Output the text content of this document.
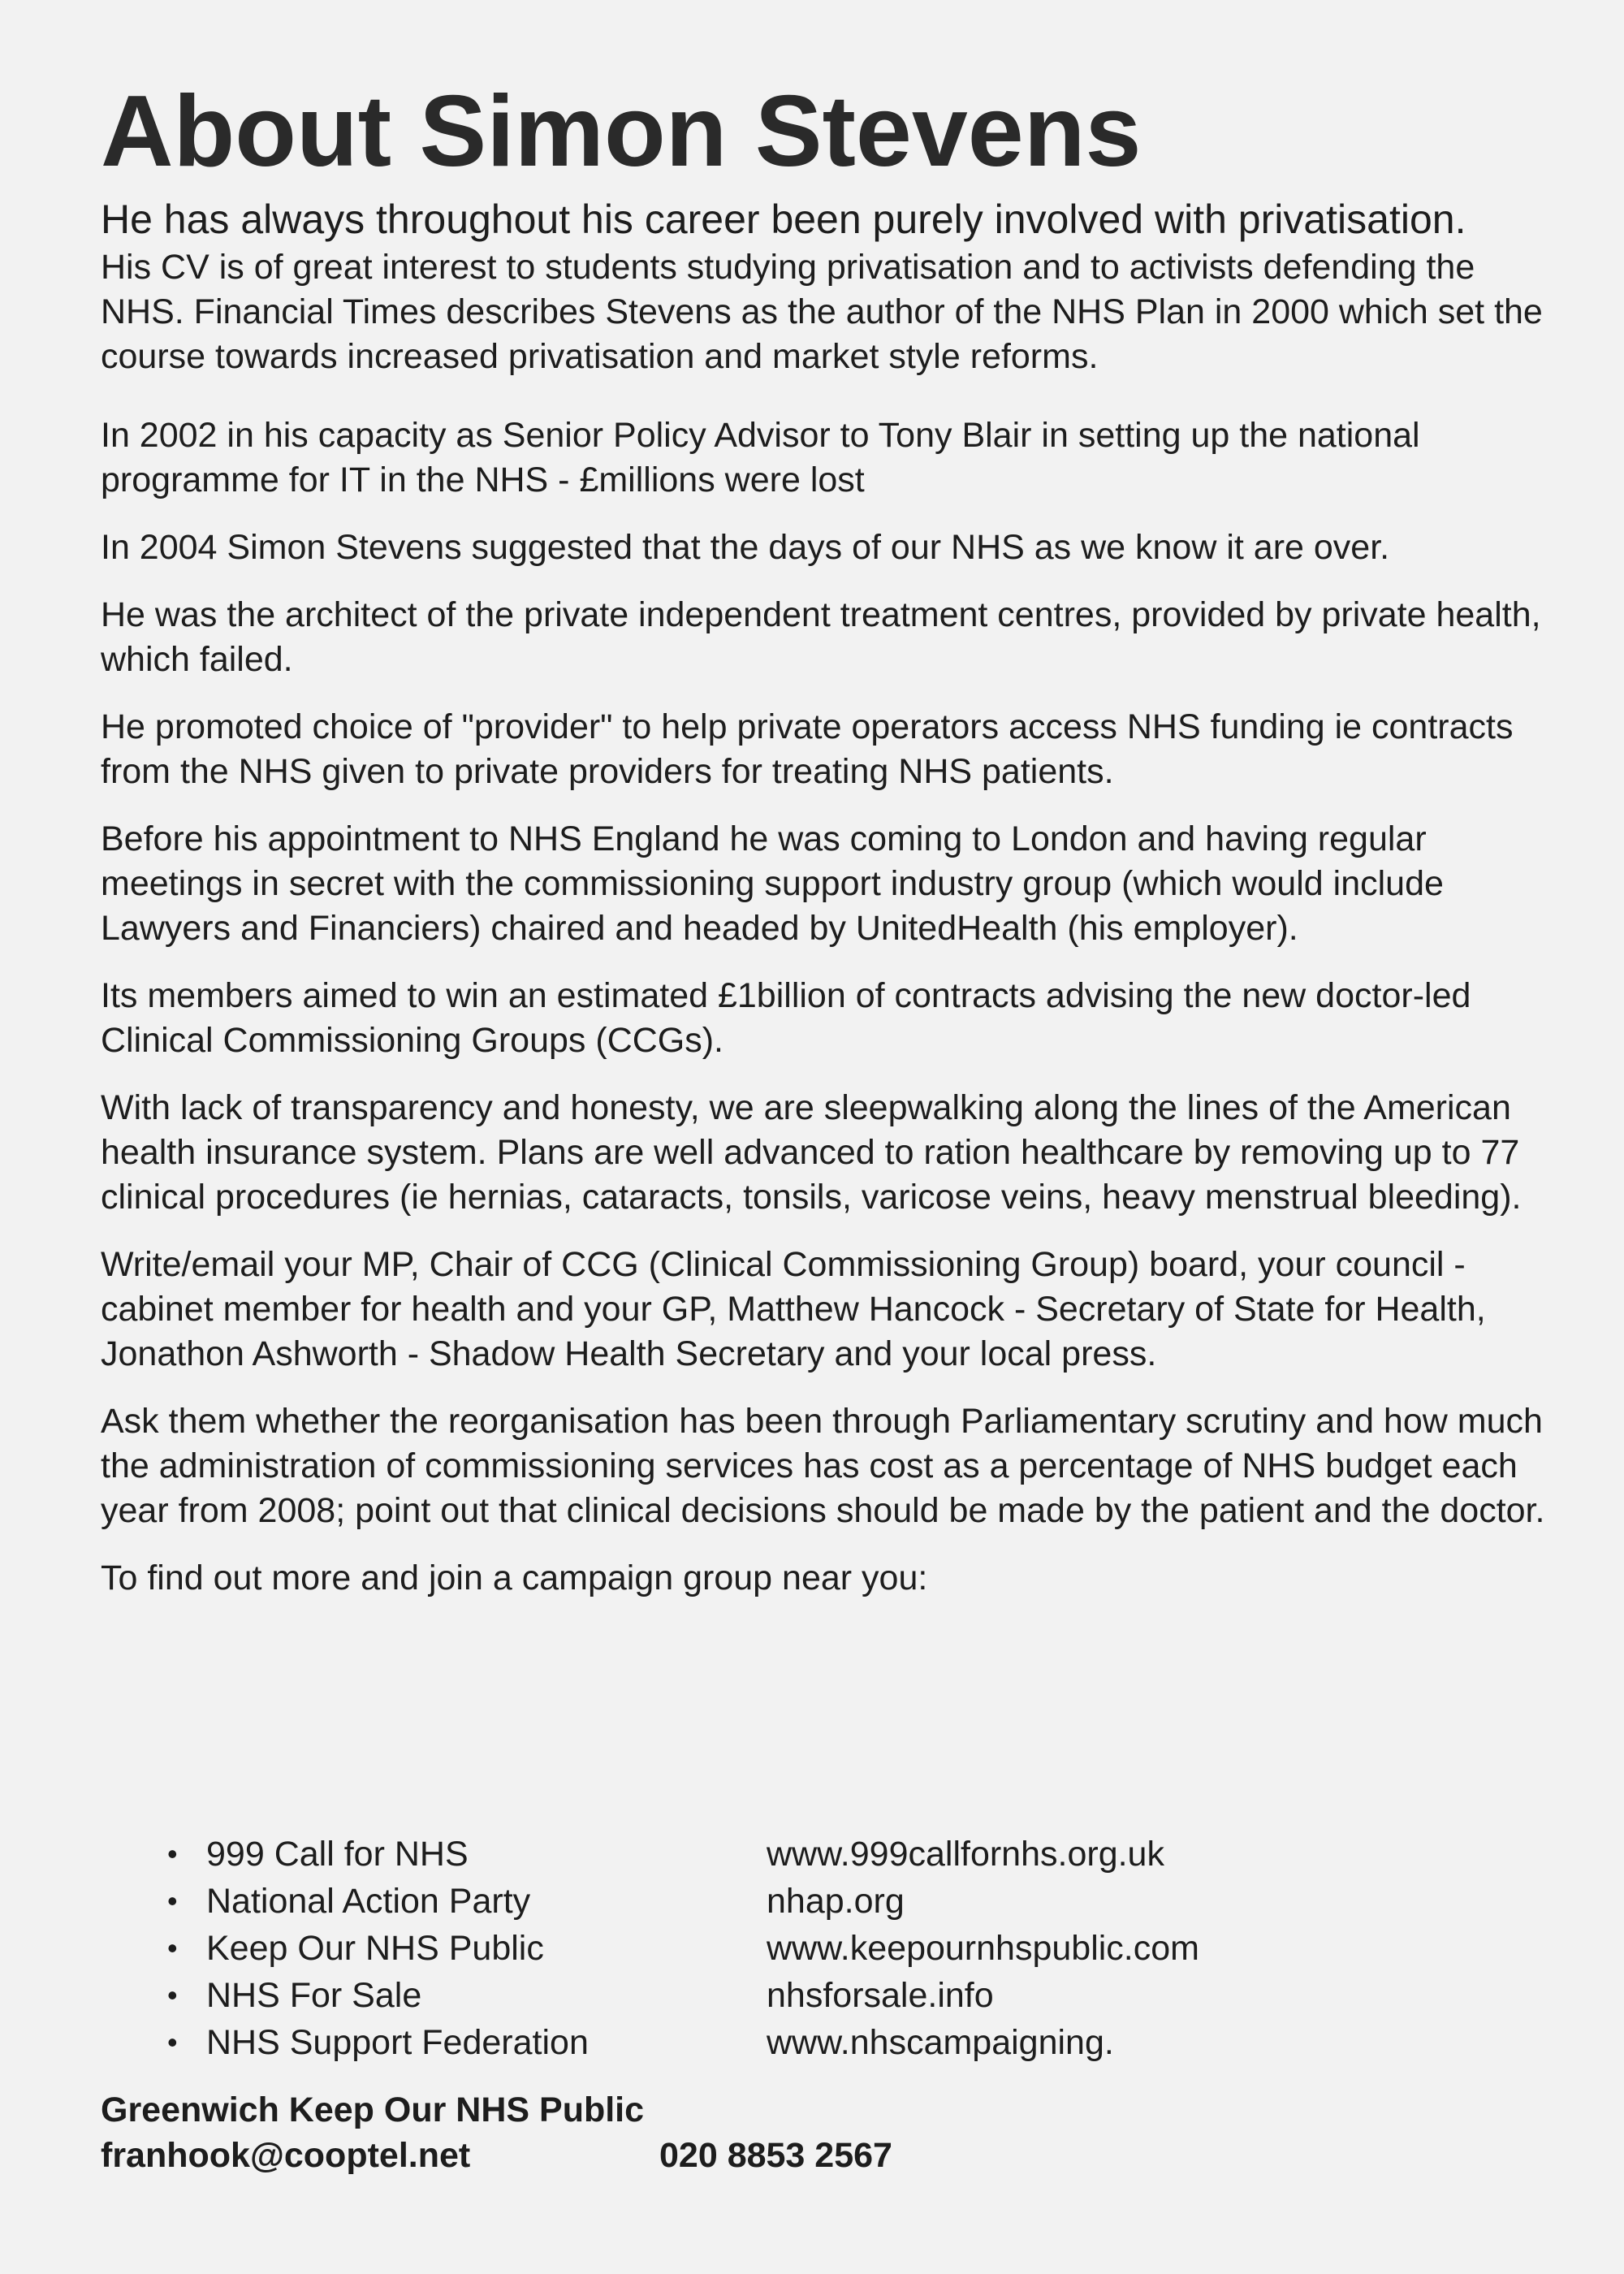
About Simon Stevens

He has always throughout his career been purely involved with privatisation.

His CV is of great interest to students studying privatisation and to activists defending the NHS. Financial Times describes Stevens as the author of the NHS Plan in 2000 which set the course towards increased privatisation and market style reforms.

In 2002 in his capacity as Senior Policy Advisor to Tony Blair in setting up the national programme for IT in the NHS - £millions were lost

In 2004 Simon Stevens suggested that the days of our NHS as we know it are over.

He was the architect of the private independent treatment centres, provided by private health, which failed.

He promoted choice of "provider" to help private operators access NHS funding ie contracts from the NHS given to private providers for treating NHS patients.

Before his appointment to NHS England he was coming to London and having regular meetings in secret with the commissioning support industry group (which would include Lawyers and Financiers) chaired and headed by UnitedHealth (his employer).

Its members aimed to win an estimated £1billion of contracts advising the new doctor-led Clinical Commissioning Groups (CCGs).

With lack of transparency and honesty, we are sleepwalking along the lines of the American health insurance system. Plans are well advanced to ration healthcare by removing up to 77 clinical procedures (ie hernias, cataracts, tonsils, varicose veins, heavy menstrual bleeding).

Write/email your MP, Chair of CCG (Clinical Commissioning Group) board, your council - cabinet member for health and your GP, Matthew Hancock - Secretary of State for Health, Jonathon Ashworth - Shadow Health Secretary and your local press.

Ask them whether the reorganisation has been through Parliamentary scrutiny and how much the administration of commissioning services has cost as a percentage of NHS budget each year from 2008; point out that clinical decisions should be made by the patient and the doctor.

To find out more and join a campaign group near you:

• 999 Call for NHS	www.999callfornhs.org.uk
• National Action Party	nhap.org
• Keep Our NHS Public	www.keepournhspublic.com
• NHS For Sale	nhsforsale.info
• NHS Support Federation	www.nhscampaigning.
Greenwich Keep Our NHS Public
franhook@cooptel.net	020 8853 2567
